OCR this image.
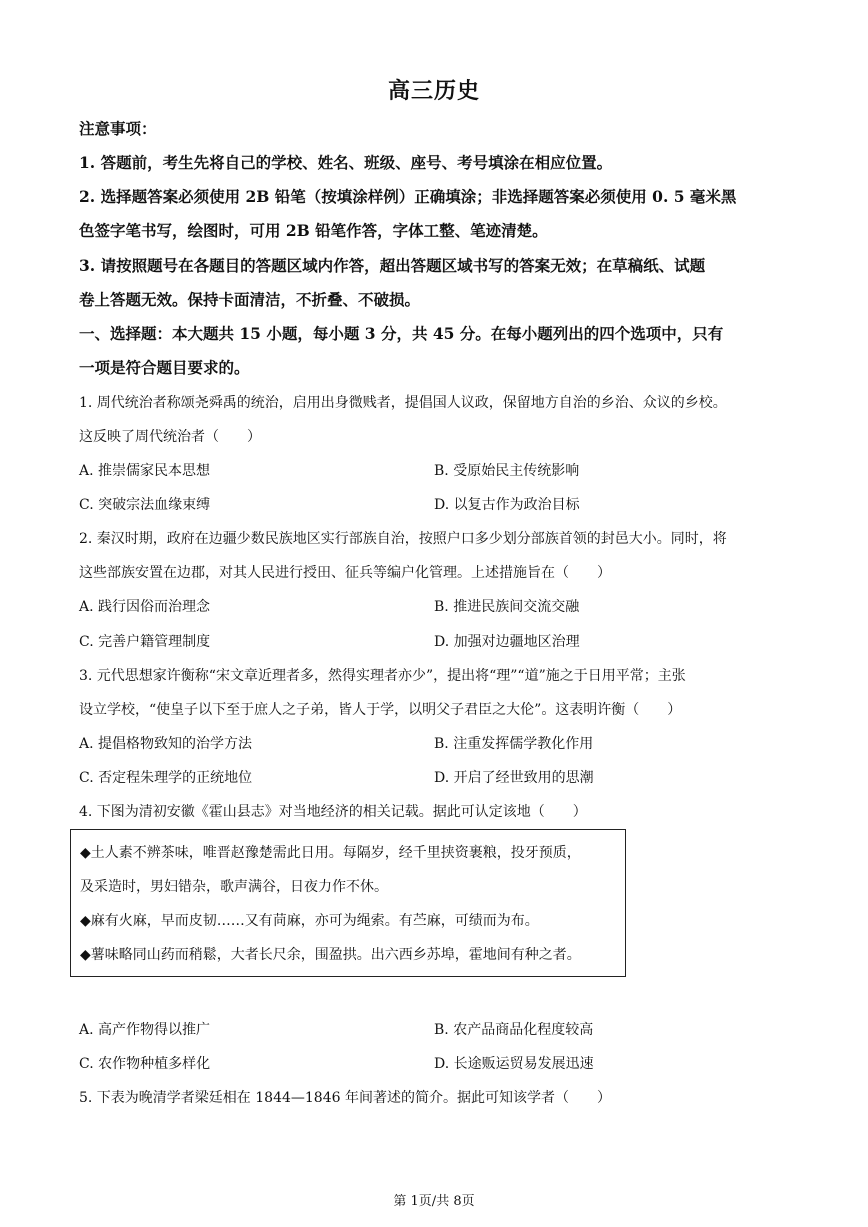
高三历史
注意事项：
1. 答题前，考生先将自己的学校、姓名、班级、座号、考号填涂在相应位置。
2. 选择题答案必须使用 2B 铅笔（按填涂样例）正确填涂；非选择题答案必须使用 0. 5 毫米黑
色签字笔书写，绘图时，可用 2B 铅笔作答，字体工整、笔迹清楚。
3. 请按照题号在各题目的答题区域内作答，超出答题区域书写的答案无效；在草稿纸、试题
卷上答题无效。保持卡面清洁，不折叠、不破损。
一、选择题：本大题共 15 小题，每小题 3 分，共 45 分。在每小题列出的四个选项中，只有
一项是符合题目要求的。
1. 周代统治者称颂尧舜禹的统治，启用出身微贱者，提倡国人议政，保留地方自治的乡治、众议的乡校。
这反映了周代统治者（　　）
A. 推崇儒家民本思想	B. 受原始民主传统影响
C. 突破宗法血缘束缚	D. 以复古作为政治目标
2. 秦汉时期，政府在边疆少数民族地区实行部族自治，按照户口多少划分部族首领的封邑大小。同时，将
这些部族安置在边郡，对其人民进行授田、征兵等编户化管理。上述措施旨在（　　）
A. 践行因俗而治理念	B. 推进民族间交流交融
C. 完善户籍管理制度	D. 加强对边疆地区治理
3. 元代思想家许衡称“宋文章近理者多，然得实理者亦少”，提出将“理”“道”施之于日用平常；主张
设立学校，“使皇子以下至于庶人之子弟，皆人于学，以明父子君臣之大伦”。这表明许衡（　　）
A. 提倡格物致知的治学方法	B. 注重发挥儒学教化作用
C. 否定程朱理学的正统地位	D. 开启了经世致用的思潮
4. 下图为清初安徽《霍山县志》对当地经济的相关记载。据此可认定该地（　　）
◆土人素不辨茶味，唯晋赵豫楚需此日用。每隔岁，经千里挟资裹粮，投牙预质，
及采造时，男妇错杂，歌声满谷，日夜力作不休。
◆麻有火麻，早而皮韧……又有苘麻，亦可为绳索。有苎麻，可绩而为布。
◆薯味略同山药而稍鬆，大者长尺余，围盈拱。出六西乡苏埠，霍地间有种之者。
A. 高产作物得以推广	B. 农产品商品化程度较高
C. 农作物种植多样化	D. 长途贩运贸易发展迅速
5. 下表为晚清学者梁廷相在 1844—1846 年间著述的简介。据此可知该学者（　　）
第 1页/共 8页
